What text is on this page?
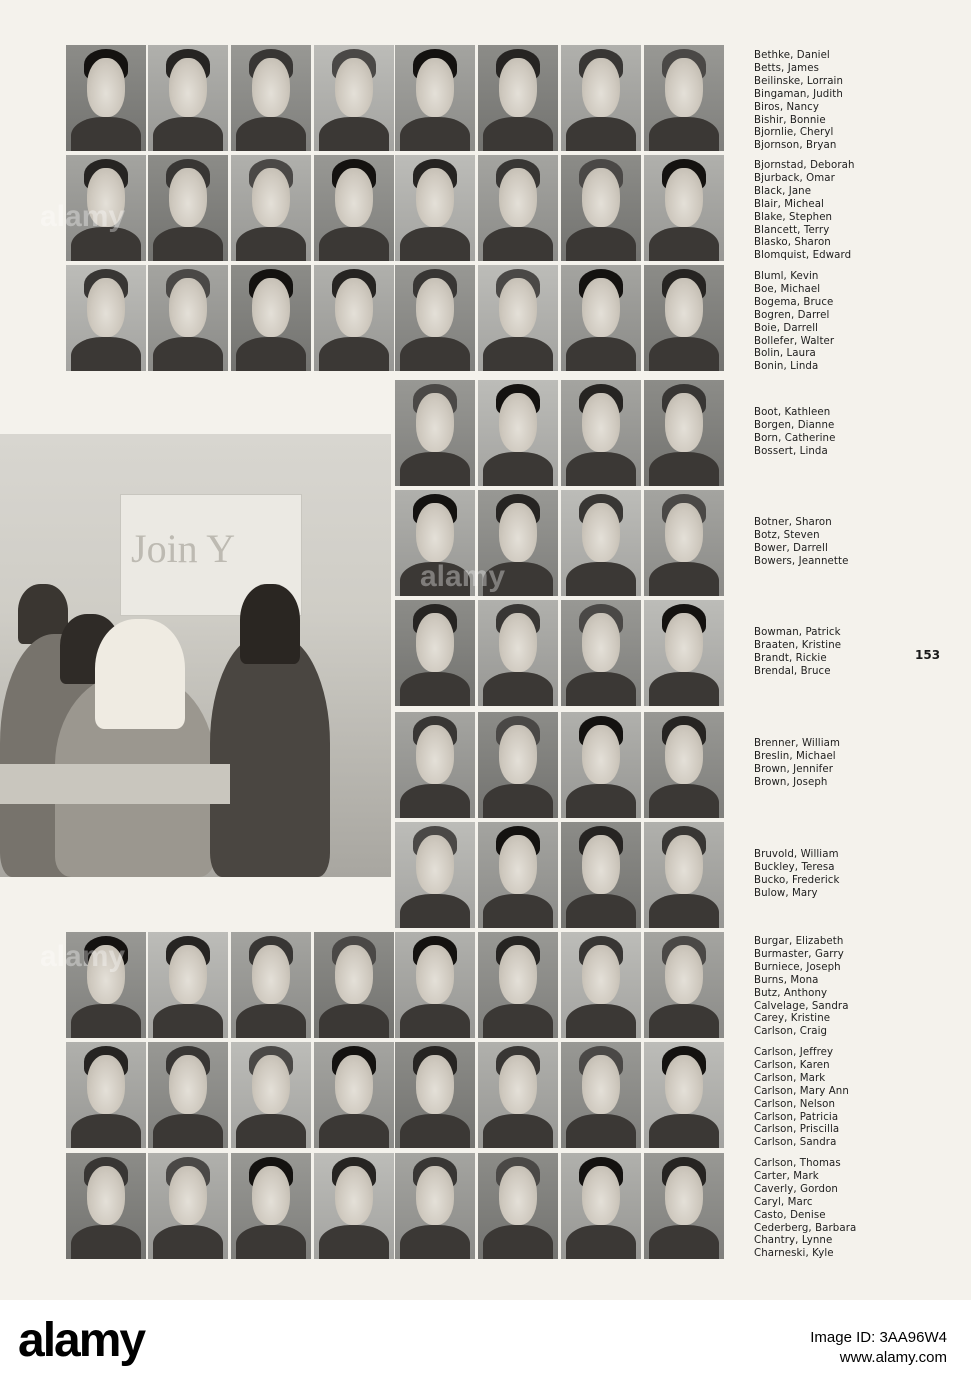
Join Y
Bethke, Daniel
Betts, James
Beilinske, Lorrain
Bingaman, Judith
Biros, Nancy
Bishir, Bonnie
Bjornlie, Cheryl
Bjornson, Bryan
Bjornstad, Deborah
Bjurback, Omar
Black, Jane
Blair, Micheal
Blake, Stephen
Blancett, Terry
Blasko, Sharon
Blomquist, Edward
Bluml, Kevin
Boe, Michael
Bogema, Bruce
Bogren, Darrel
Boie, Darrell
Bollefer, Walter
Bolin, Laura
Bonin, Linda
Boot, Kathleen
Borgen, Dianne
Born, Catherine
Bossert, Linda
Botner, Sharon
Botz, Steven
Bower, Darrell
Bowers, Jeannette
Bowman, Patrick
Braaten, Kristine
Brandt, Rickie
Brendal, Bruce
Brenner, William
Breslin, Michael
Brown, Jennifer
Brown, Joseph
Bruvold, William
Buckley, Teresa
Bucko, Frederick
Bulow, Mary
Burgar, Elizabeth
Burmaster, Garry
Burniece, Joseph
Burns, Mona
Butz, Anthony
Calvelage, Sandra
Carey, Kristine
Carlson, Craig
Carlson, Jeffrey
Carlson, Karen
Carlson, Mark
Carlson, Mary Ann
Carlson, Nelson
Carlson, Patricia
Carlson, Priscilla
Carlson, Sandra
Carlson, Thomas
Carter, Mark
Caverly, Gordon
Caryl, Marc
Casto, Denise
Cederberg, Barbara
Chantry, Lynne
Charneski, Kyle
153
alamy
alamy
alamy
alamy	Image ID: 3AA96W4
www.alamy.com
